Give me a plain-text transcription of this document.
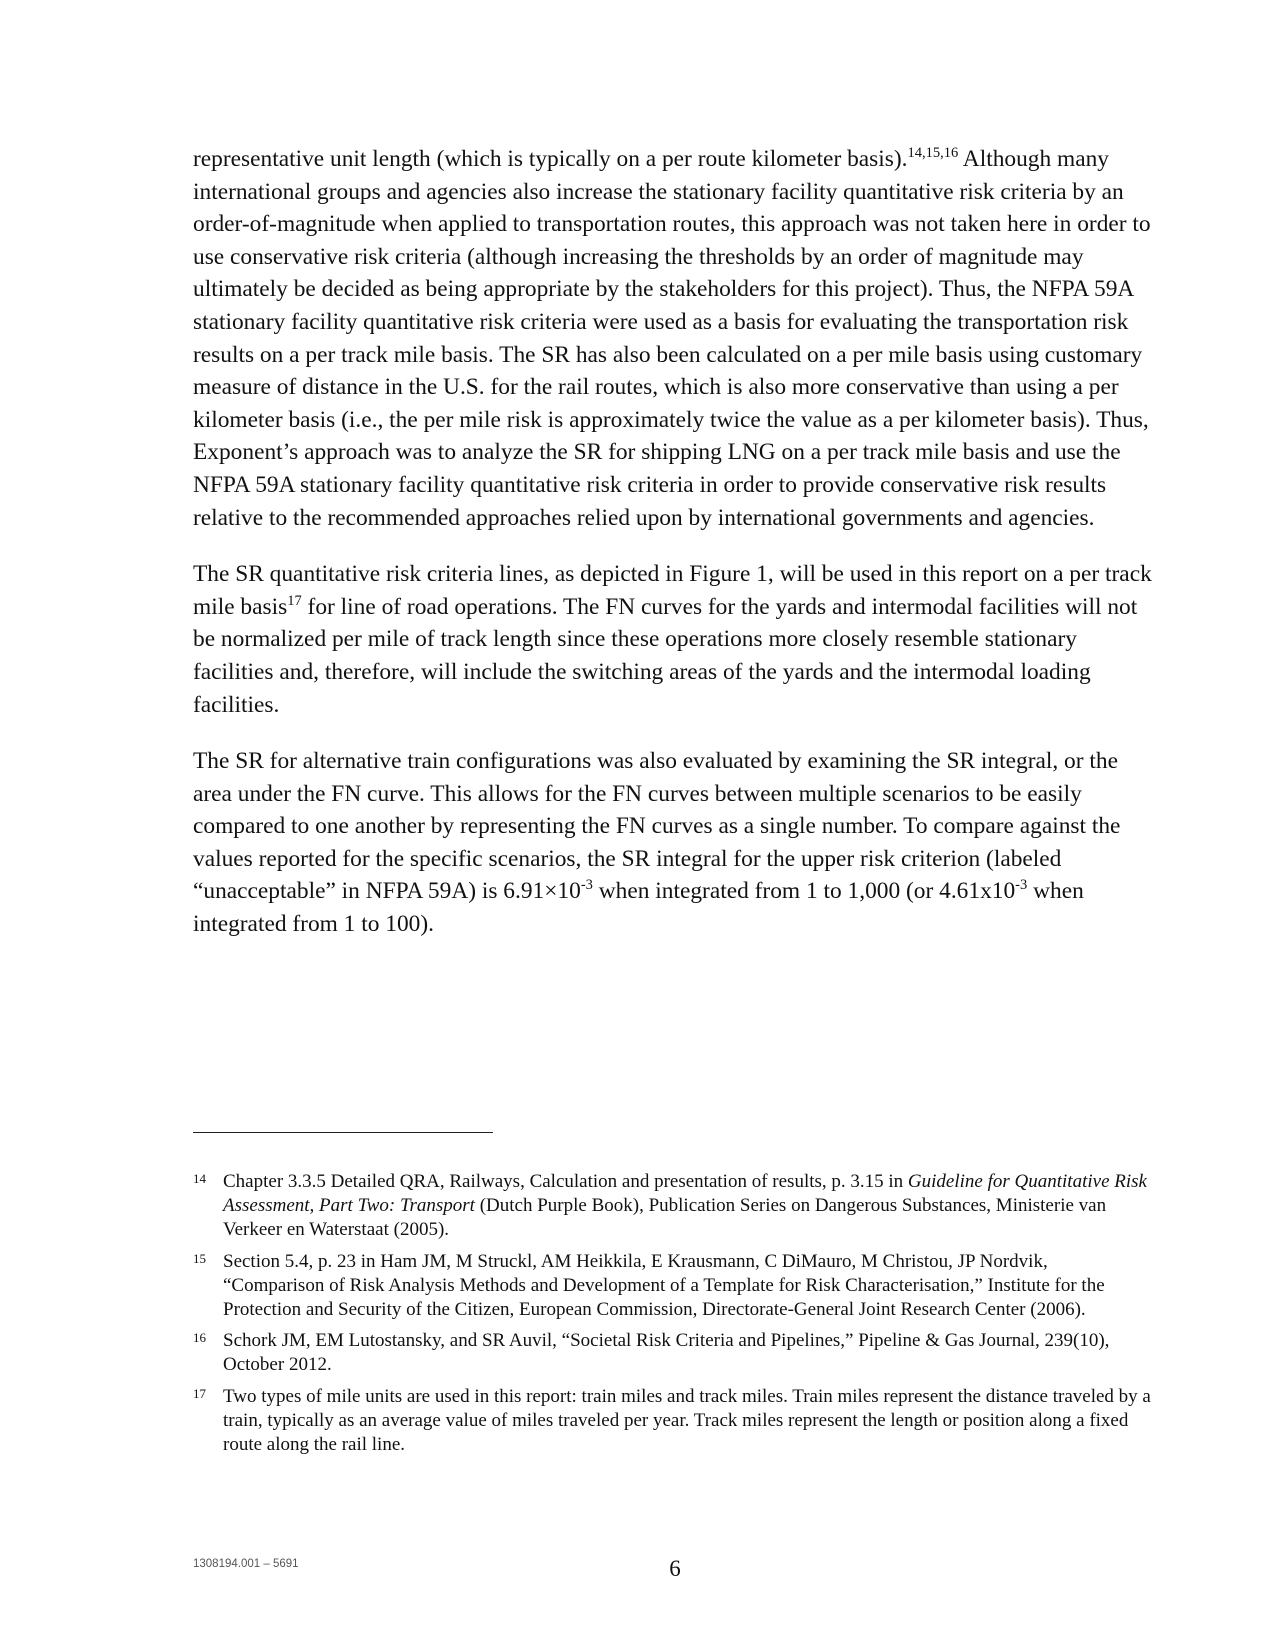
representative unit length (which is typically on a per route kilometer basis).$^{14,15,16}$ Although many international groups and agencies also increase the stationary facility quantitative risk criteria by an order-of-magnitude when applied to transportation routes, this approach was not taken here in order to use conservative risk criteria (although increasing the thresholds by an order of magnitude may ultimately be decided as being appropriate by the stakeholders for this project). Thus, the NFPA 59A stationary facility quantitative risk criteria were used as a basis for evaluating the transportation risk results on a per track mile basis. The SR has also been calculated on a per mile basis using customary measure of distance in the U.S. for the rail routes, which is also more conservative than using a per kilometer basis (i.e., the per mile risk is approximately twice the value as a per kilometer basis). Thus, Exponent’s approach was to analyze the SR for shipping LNG on a per track mile basis and use the NFPA 59A stationary facility quantitative risk criteria in order to provide conservative risk results relative to the recommended approaches relied upon by international governments and agencies.

The SR quantitative risk criteria lines, as depicted in Figure 1, will be used in this report on a per track mile basis$^{17}$ for line of road operations. The FN curves for the yards and intermodal facilities will not be normalized per mile of track length since these operations more closely resemble stationary facilities and, therefore, will include the switching areas of the yards and the intermodal loading facilities.

The SR for alternative train configurations was also evaluated by examining the SR integral, or the area under the FN curve. This allows for the FN curves between multiple scenarios to be easily compared to one another by representing the FN curves as a single number. To compare against the values reported for the specific scenarios, the SR integral for the upper risk criterion (labeled “unacceptable” in NFPA 59A) is $6.91\times 10^{-3}$ when integrated from 1 to 1,000 (or $4.61x10^{-3}$ when integrated from 1 to 100).

14 Chapter 3.3.5 Detailed QRA, Railways, Calculation and presentation of results, p. 3.15 in Guideline for Quantitative Risk Assessment, Part Two: Transport (Dutch Purple Book), Publication Series on Dangerous Substances, Ministerie van Verkeer en Waterstaat (2005).
15 Section 5.4, p. 23 in Ham JM, M Struckl, AM Heikkila, E Krausmann, C DiMauro, M Christou, JP Nordvik, “Comparison of Risk Analysis Methods and Development of a Template for Risk Characterisation,” Institute for the Protection and Security of the Citizen, European Commission, Directorate-General Joint Research Center (2006).
16 Schork JM, EM Lutostansky, and SR Auvil, “Societal Risk Criteria and Pipelines,” Pipeline & Gas Journal, 239(10), October 2012.
17 Two types of mile units are used in this report: train miles and track miles. Train miles represent the distance traveled by a train, typically as an average value of miles traveled per year. Track miles represent the length or position along a fixed route along the rail line.
1308194.001 – 5691	6
